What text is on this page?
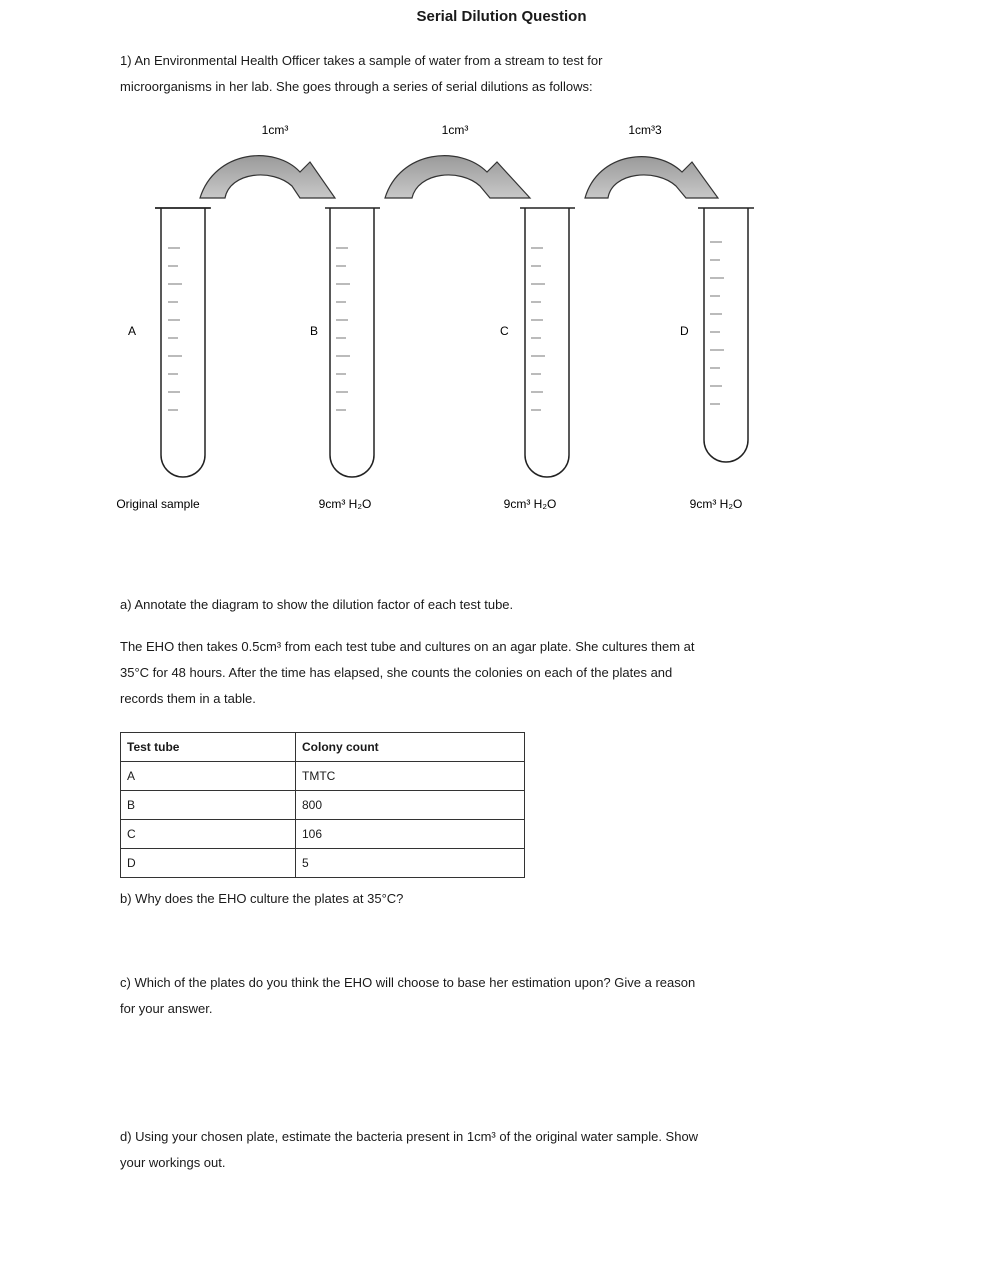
Serial Dilution Question
1) An Environmental Health Officer takes a sample of water from a stream to test for
microorganisms in her lab. She goes through a series of serial dilutions as follows:
1cm³	1cm³	1cm³3
A	B	C	D
Original sample	9cm³ H₂O	9cm³ H₂O	9cm³ H₂O
a) Annotate the diagram to show the dilution factor of each test tube.
The EHO then takes 0.5cm³ from each test tube and cultures on an agar plate. She cultures them at
35°C for 48 hours. After the time has elapsed, she counts the colonies on each of the plates and
records them in a table.
Test tube	Colony count
A	TMTC
B	800
C	106
D	5
b) Why does the EHO culture the plates at 35°C?
c) Which of the plates do you think the EHO will choose to base her estimation upon? Give a reason
for your answer.
d) Using your chosen plate, estimate the bacteria present in 1cm³ of the original water sample. Show
your workings out.
